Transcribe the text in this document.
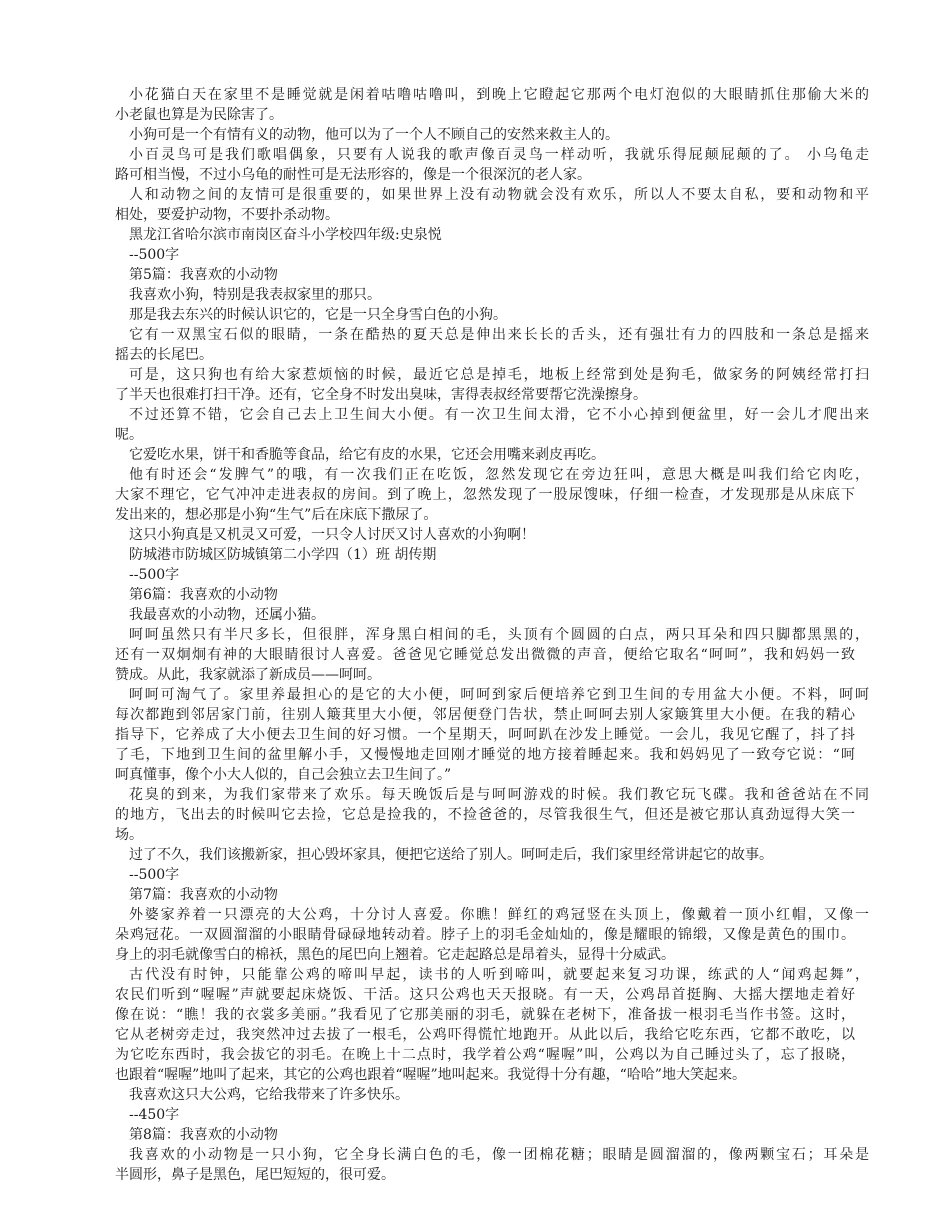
小花猫白天在家里不是睡觉就是闲着咕噜咕噜叫，到晚上它瞪起它那两个电灯泡似的大眼睛抓住那偷大米的
小老鼠也算是为民除害了。
小狗可是一个有情有义的动物，他可以为了一个人不顾自己的安然来救主人的。
小百灵鸟可是我们歌唱偶象，只要有人说我的歌声像百灵鸟一样动听，我就乐得屁颠屁颠的了。 小乌龟走
路可相当慢，不过小乌龟的耐性可是无法形容的，像是一个很深沉的老人家。
人和动物之间的友情可是很重要的，如果世界上没有动物就会没有欢乐，所以人不要太自私，要和动物和平
相处，要爱护动物，不要扑杀动物。
黑龙江省哈尔滨市南岗区奋斗小学校四年级:史泉悦
--500字
第5篇：我喜欢的小动物
我喜欢小狗，特别是我表叔家里的那只。
那是我去东兴的时候认识它的，它是一只全身雪白色的小狗。
它有一双黑宝石似的眼睛，一条在酷热的夏天总是伸出来长长的舌头，还有强壮有力的四肢和一条总是摇来
摇去的长尾巴。
可是，这只狗也有给大家惹烦恼的时候，最近它总是掉毛，地板上经常到处是狗毛，做家务的阿姨经常打扫
了半天也很难打扫干净。还有，它全身不时发出臭味，害得表叔经常要帮它洗澡擦身。
不过还算不错，它会自己去上卫生间大小便。有一次卫生间太滑，它不小心掉到便盆里，好一会儿才爬出来
呢。
它爱吃水果，饼干和香脆等食品，给它有皮的水果，它还会用嘴来剥皮再吃。
他有时还会“发脾气”的哦，有一次我们正在吃饭，忽然发现它在旁边狂叫，意思大概是叫我们给它肉吃，
大家不理它，它气冲冲走进表叔的房间。到了晚上，忽然发现了一股尿馊味，仔细一检查，才发现那是从床底下
发出来的，想必那是小狗“生气”后在床底下撒尿了。
这只小狗真是又机灵又可爱，一只令人讨厌又讨人喜欢的小狗啊！
防城港市防城区防城镇第二小学四（1）班 胡传期
--500字
第6篇：我喜欢的小动物
我最喜欢的小动物，还属小猫。
呵呵虽然只有半尺多长，但很胖，浑身黑白相间的毛，头顶有个圆圆的白点，两只耳朵和四只脚都黑黑的，
还有一双炯炯有神的大眼睛很讨人喜爱。爸爸见它睡觉总发出微微的声音，便给它取名“呵呵”，我和妈妈一致
赞成。从此，我家就添了新成员——呵呵。
呵呵可淘气了。家里养最担心的是它的大小便，呵呵到家后便培养它到卫生间的专用盆大小便。不料，呵呵
每次都跑到邻居家门前，往别人簸萁里大小便，邻居便登门告状，禁止呵呵去别人家簸箕里大小便。在我的精心
指导下，它养成了大小便去卫生间的好习惯。一个星期天，呵呵趴在沙发上睡觉。一会儿，我见它醒了，抖了抖
了毛，下地到卫生间的盆里解小手，又慢慢地走回刚才睡觉的地方接着睡起来。我和妈妈见了一致夸它说：“呵
呵真懂事，像个小大人似的，自己会独立去卫生间了。”
花臭的到来，为我们家带来了欢乐。每天晚饭后是与呵呵游戏的时候。我们教它玩飞碟。我和爸爸站在不同
的地方，飞出去的时候叫它去捡，它总是捡我的，不捡爸爸的，尽管我很生气，但还是被它那认真劲逗得大笑一
场。
过了不久，我们该搬新家，担心毁坏家具，便把它送给了别人。呵呵走后，我们家里经常讲起它的故事。
--500字
第7篇：我喜欢的小动物
外婆家养着一只漂亮的大公鸡，十分讨人喜爱。你瞧！鲜红的鸡冠竖在头顶上，像戴着一顶小红帽，又像一
朵鸡冠花。一双圆溜溜的小眼睛骨碌碌地转动着。脖子上的羽毛金灿灿的，像是耀眼的锦缎，又像是黄色的围巾。
身上的羽毛就像雪白的棉袄，黑色的尾巴向上翘着。它走起路总是昂着头，显得十分威武。
古代没有时钟，只能靠公鸡的啼叫早起，读书的人听到啼叫，就要起来复习功课，练武的人“闻鸡起舞”，
农民们听到“喔喔”声就要起床烧饭、干活。这只公鸡也天天报晓。有一天，公鸡昂首挺胸、大摇大摆地走着好
像在说：“瞧！我的衣裳多美丽。”我看见了它那美丽的羽毛，就躲在老树下，准备拔一根羽毛当作书签。这时，
它从老树旁走过，我突然冲过去拔了一根毛，公鸡吓得慌忙地跑开。从此以后，我给它吃东西，它都不敢吃，以
为它吃东西时，我会拔它的羽毛。在晚上十二点时，我学着公鸡“喔喔”叫，公鸡以为自己睡过头了，忘了报晓，
也跟着“喔喔”地叫了起来，其它的公鸡也跟着“喔喔”地叫起来。我觉得十分有趣，“哈哈”地大笑起来。
我喜欢这只大公鸡，它给我带来了许多快乐。
--450字
第8篇：我喜欢的小动物
我喜欢的小动物是一只小狗，它全身长满白色的毛，像一团棉花糖；眼睛是圆溜溜的，像两颗宝石；耳朵是
半圆形，鼻子是黑色，尾巴短短的，很可爱。
